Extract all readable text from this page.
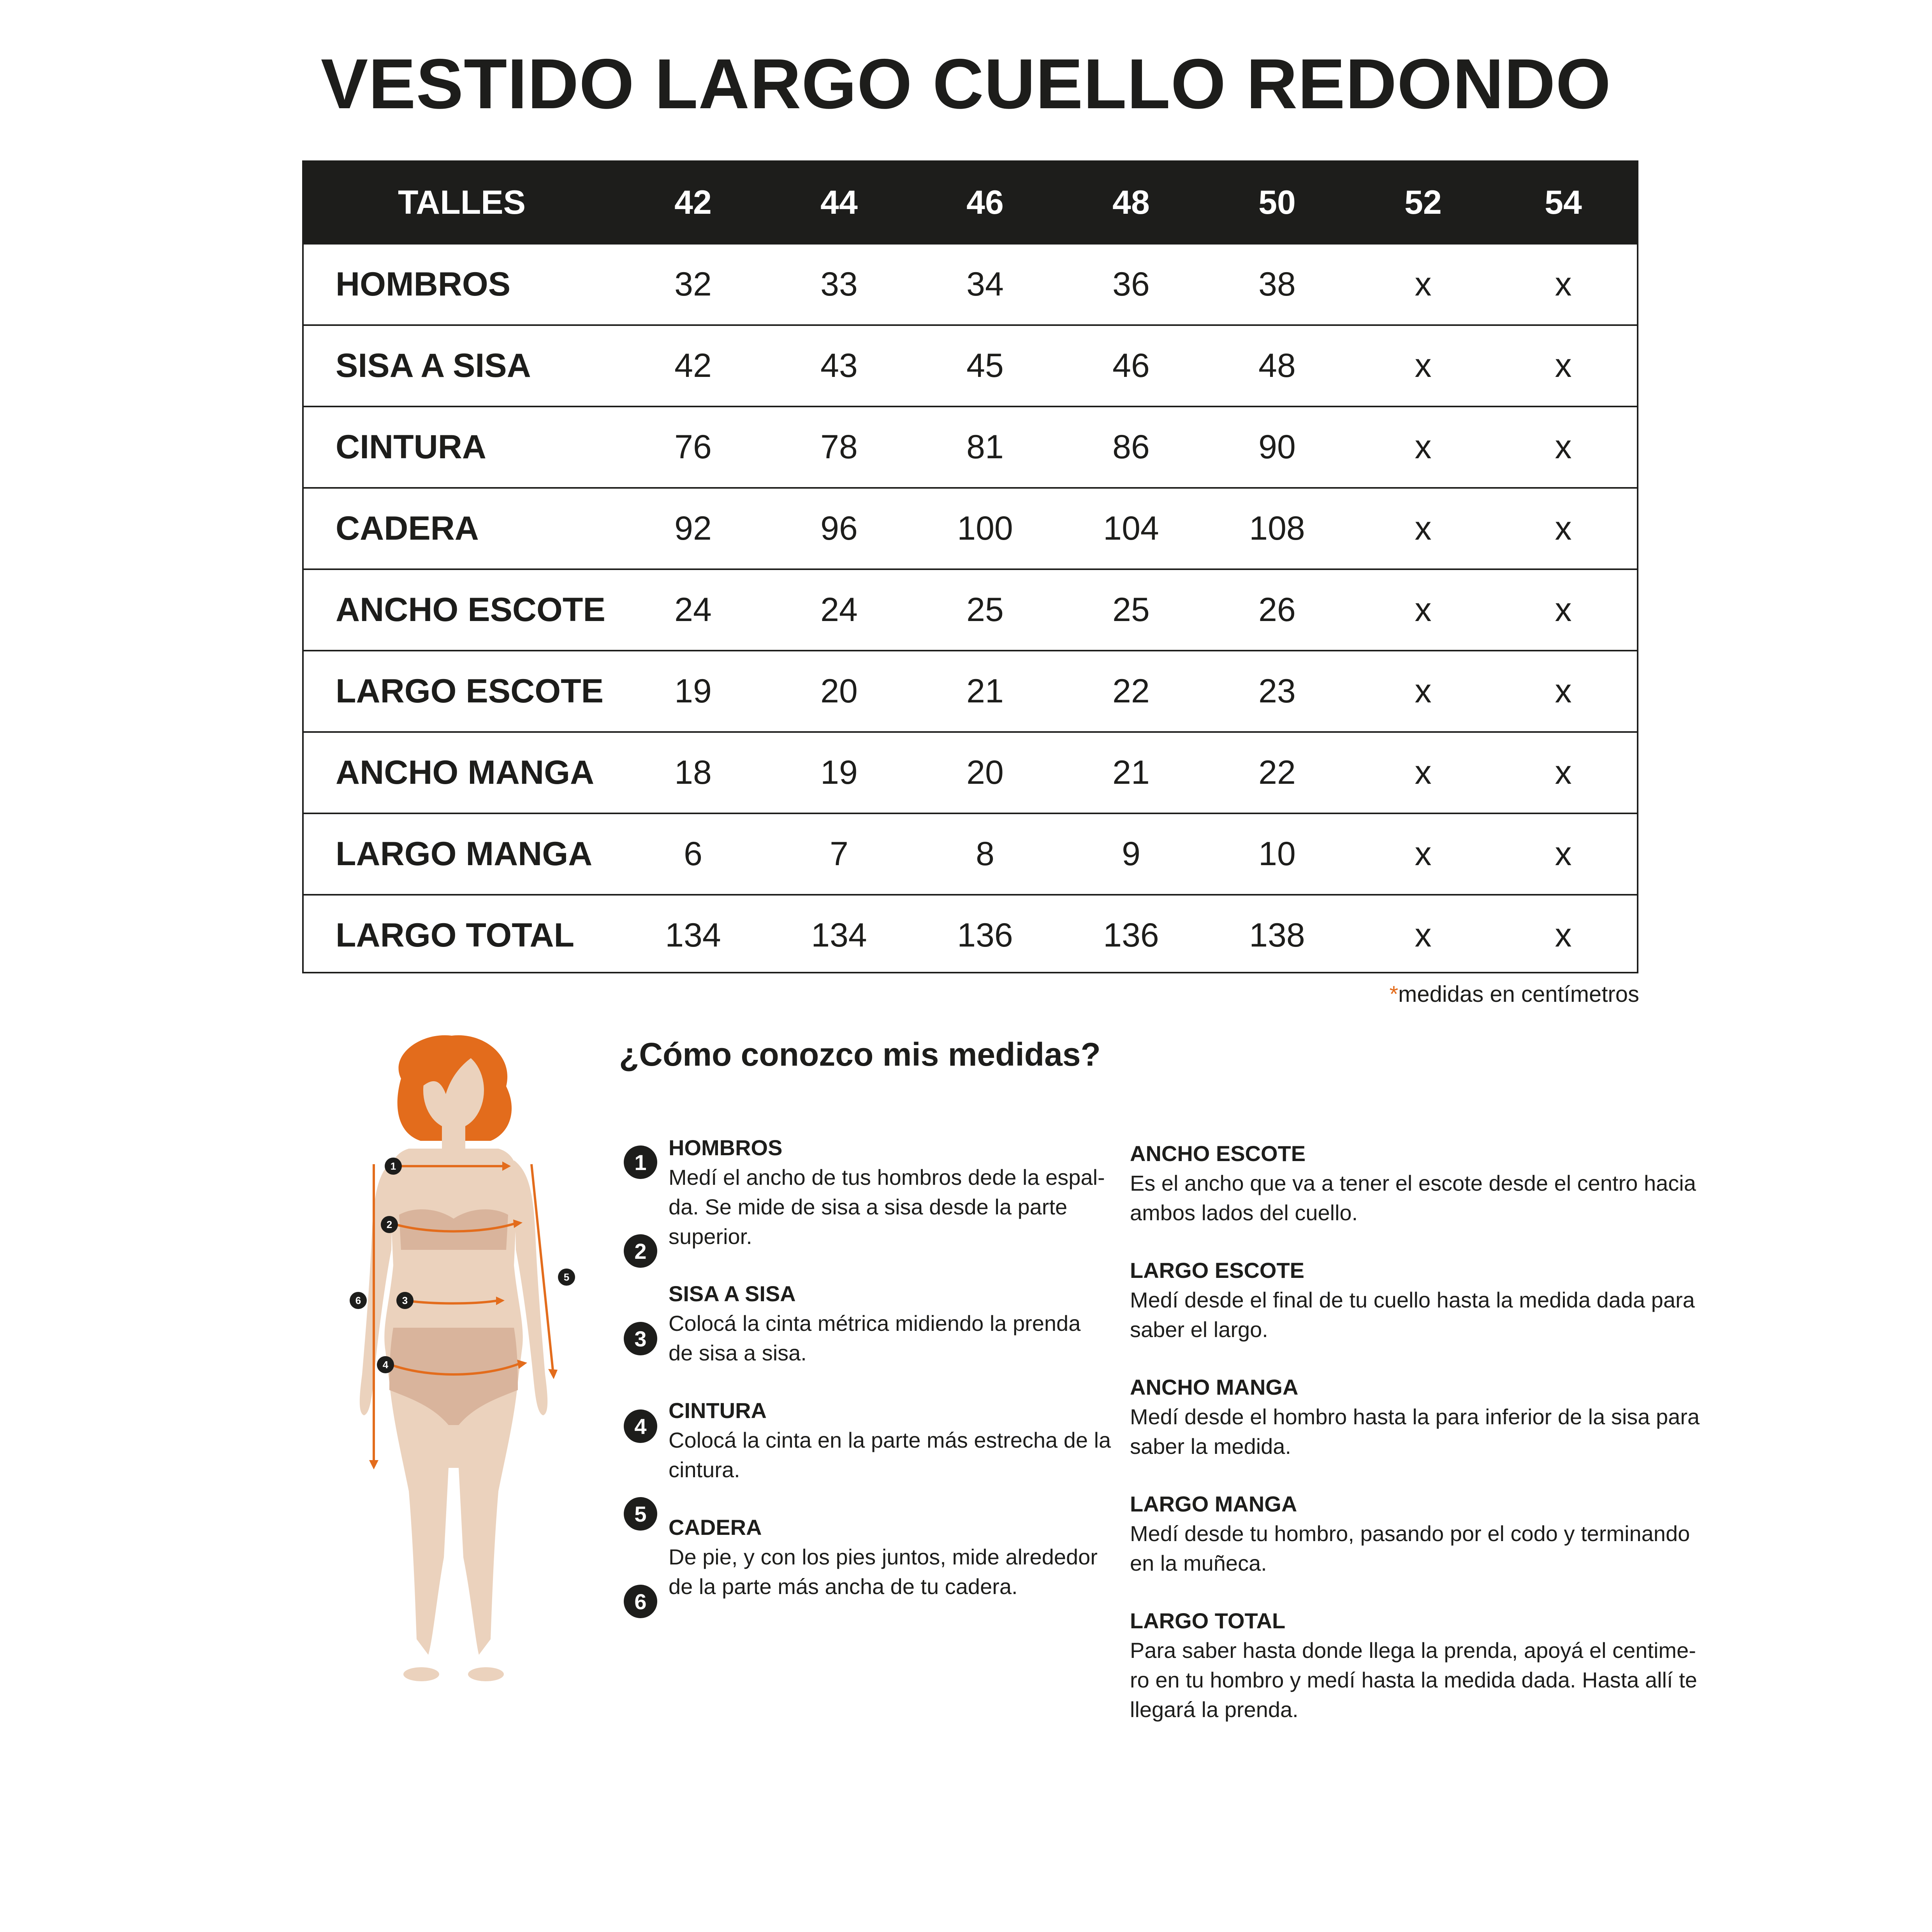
VESTIDO LARGO CUELLO REDONDO
TALLES	42	44	46	48	50	52	54
HOMBROS	32	33	34	36	38	x	x
SISA A SISA	42	43	45	46	48	x	x
CINTURA	76	78	81	86	90	x	x
CADERA	92	96	100	104	108	x	x
ANCHO ESCOTE	24	24	25	25	26	x	x
LARGO ESCOTE	19	20	21	22	23	x	x
ANCHO MANGA	18	19	20	21	22	x	x
LARGO MANGA	6	7	8	9	10	x	x
LARGO TOTAL	134	134	136	136	138	x	x
*medidas en centímetros
1
2
3
4
5
6
¿Cómo conozco mis medidas?
1
2
3
4
5
6
HOMBROS
Medí el ancho de tus hombros dede la espal-
da. Se mide de sisa a sisa desde la parte
superior.
SISA A SISA
Colocá la cinta métrica midiendo la prenda
de sisa a sisa.
CINTURA
Colocá la cinta en la parte más estrecha de la
cintura.
CADERA
De pie, y con los pies juntos, mide alrededor
de la parte más ancha de tu cadera.
ANCHO ESCOTE
Es el ancho que va a tener el escote desde el centro hacia
ambos lados del cuello.
LARGO ESCOTE
Medí desde el final de tu cuello hasta la medida dada para
saber el largo.
ANCHO MANGA
Medí desde el hombro hasta la para inferior de la sisa para
saber la medida.
LARGO MANGA
Medí desde tu hombro, pasando por el codo y terminando
en la muñeca.
LARGO TOTAL
Para saber hasta donde llega la prenda, apoyá el centime-
ro en tu hombro y medí hasta la medida dada. Hasta allí te
llegará la prenda.
